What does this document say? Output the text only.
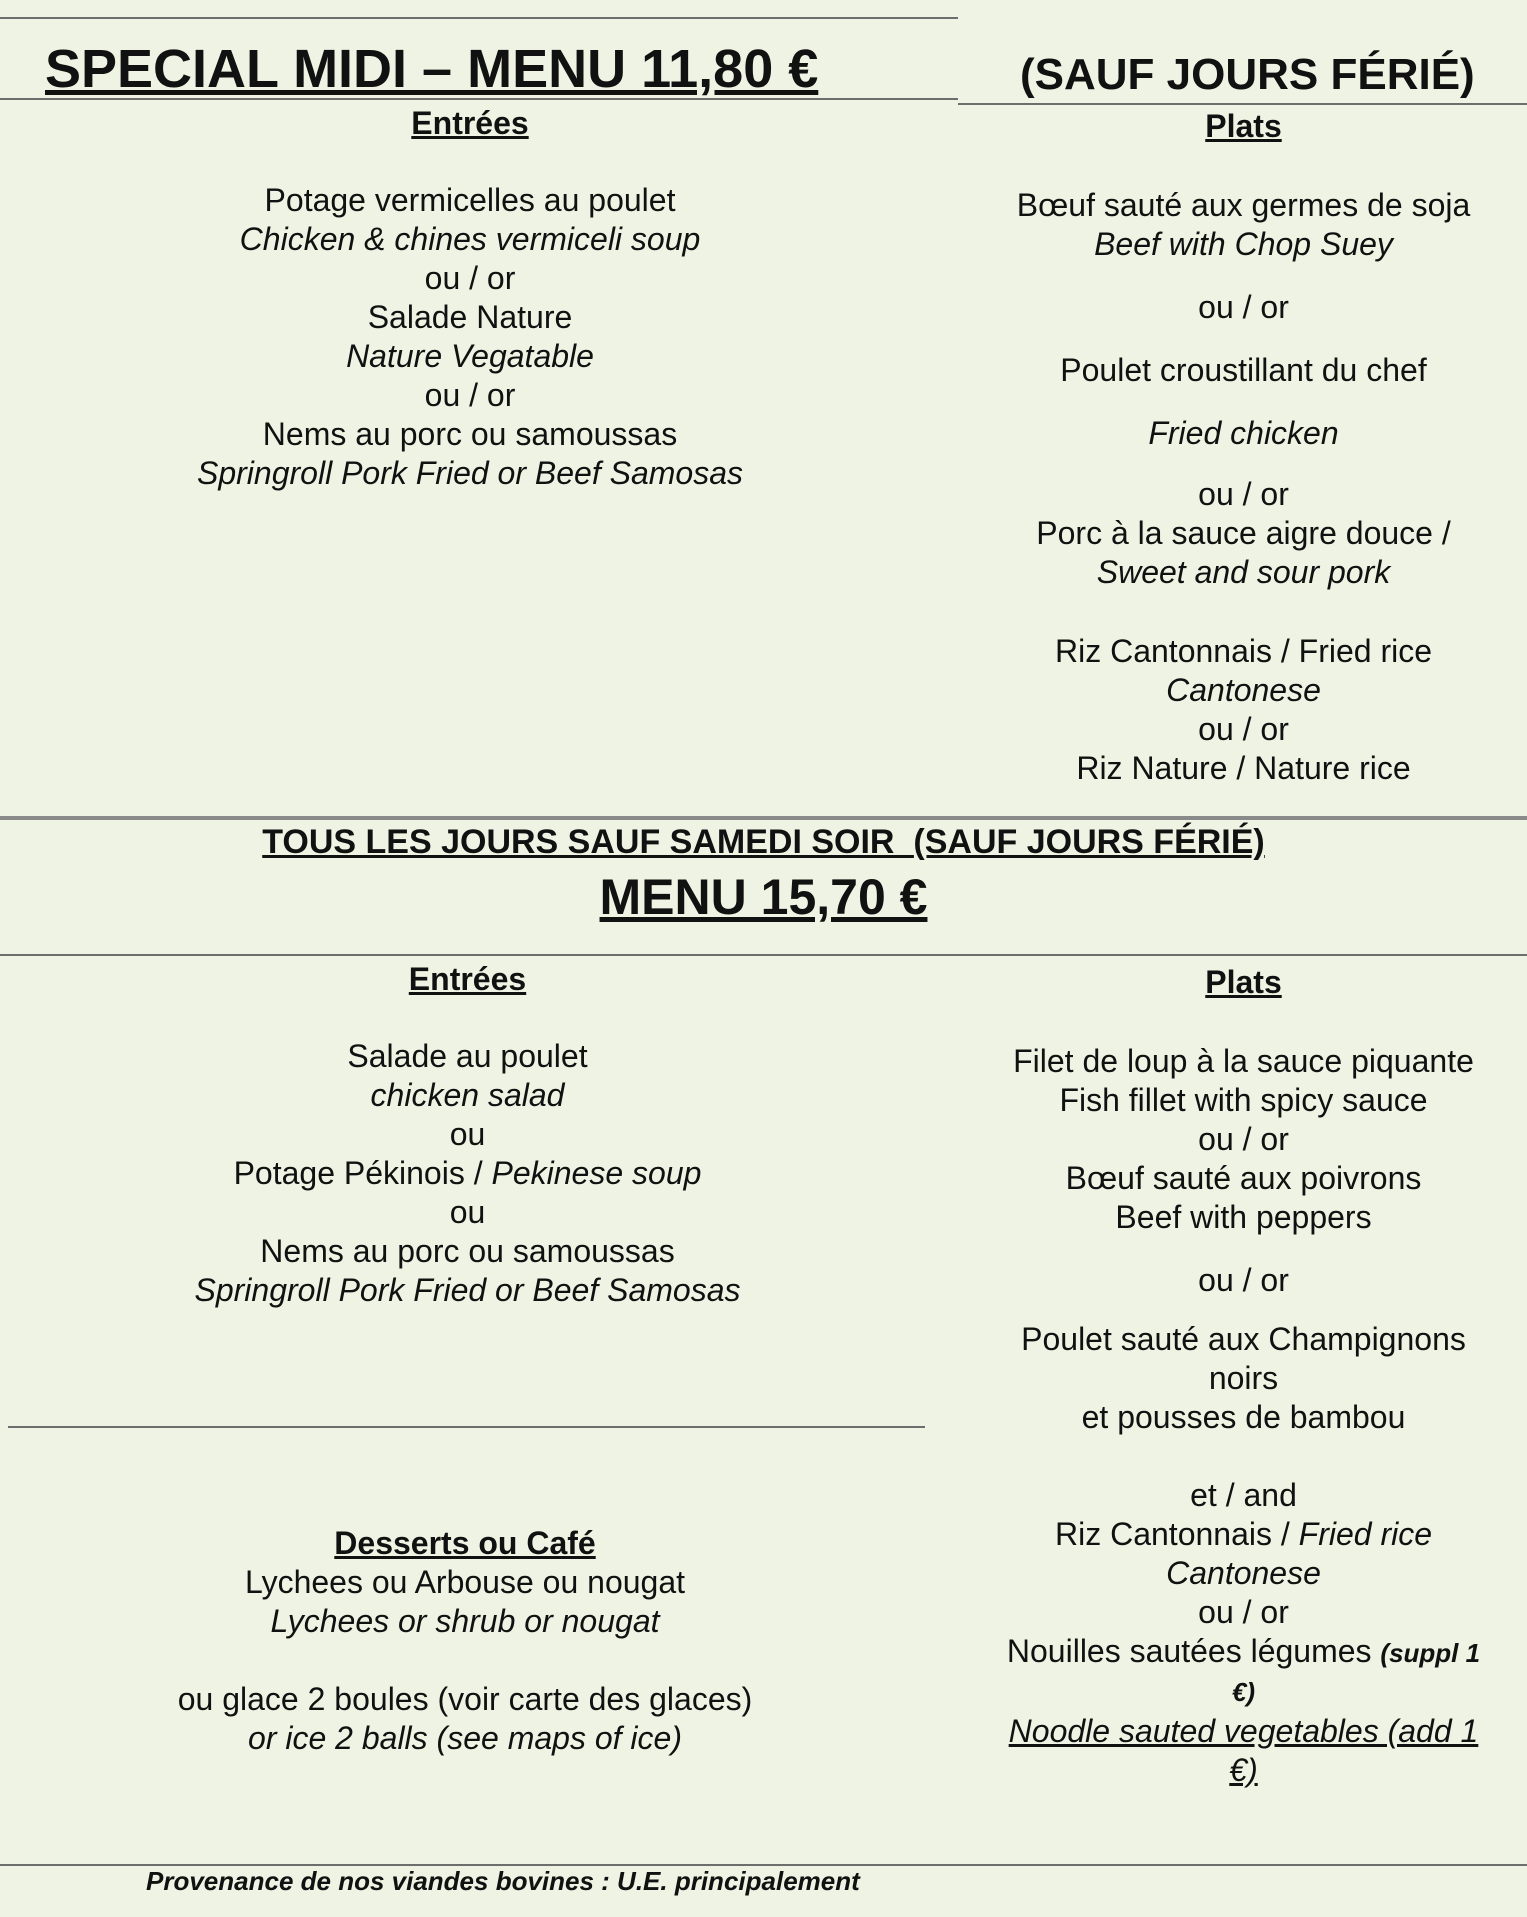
SPECIAL MIDI – MENU 11,80 €	(SAUF JOURS FÉRIÉ)
Entrées
Potage vermicelles au poulet
Chicken & chines vermiceli soup
ou / or
Salade Nature
Nature Vegatable
ou / or
Nems au porc ou samoussas
Springroll Pork Fried or Beef Samosas
Plats
Bœuf sauté aux germes de soja
Beef with Chop Suey
ou / or
Poulet croustillant du chef
Fried chicken
ou / or
Porc à la sauce aigre douce /
Sweet and sour pork
Riz Cantonnais / Fried rice
Cantonese
ou / or
Riz Nature / Nature rice
TOUS LES JOURS SAUF SAMEDI SOIR (SAUF JOURS FÉRIÉ)
MENU 15,70 €
Entrées
Salade au poulet
chicken salad
ou
Potage Pékinois / Pekinese soup
ou
Nems au porc ou samoussas
Springroll Pork Fried or Beef Samosas
Desserts ou Café
Lychees ou Arbouse ou nougat
Lychees or shrub or nougat
ou glace 2 boules (voir carte des glaces)
or ice 2 balls (see maps of ice)
Plats
Filet de loup à la sauce piquante
Fish fillet with spicy sauce
ou / or
Bœuf sauté aux poivrons
Beef with peppers
ou / or
Poulet sauté aux Champignons
noirs
et pousses de bambou
et / and
Riz Cantonnais / Fried rice
Cantonese
ou / or
Nouilles sautées légumes (suppl 1
€)
Noodle sauted vegetables (add 1
€)
Provenance de nos viandes bovines : U.E. principalement
